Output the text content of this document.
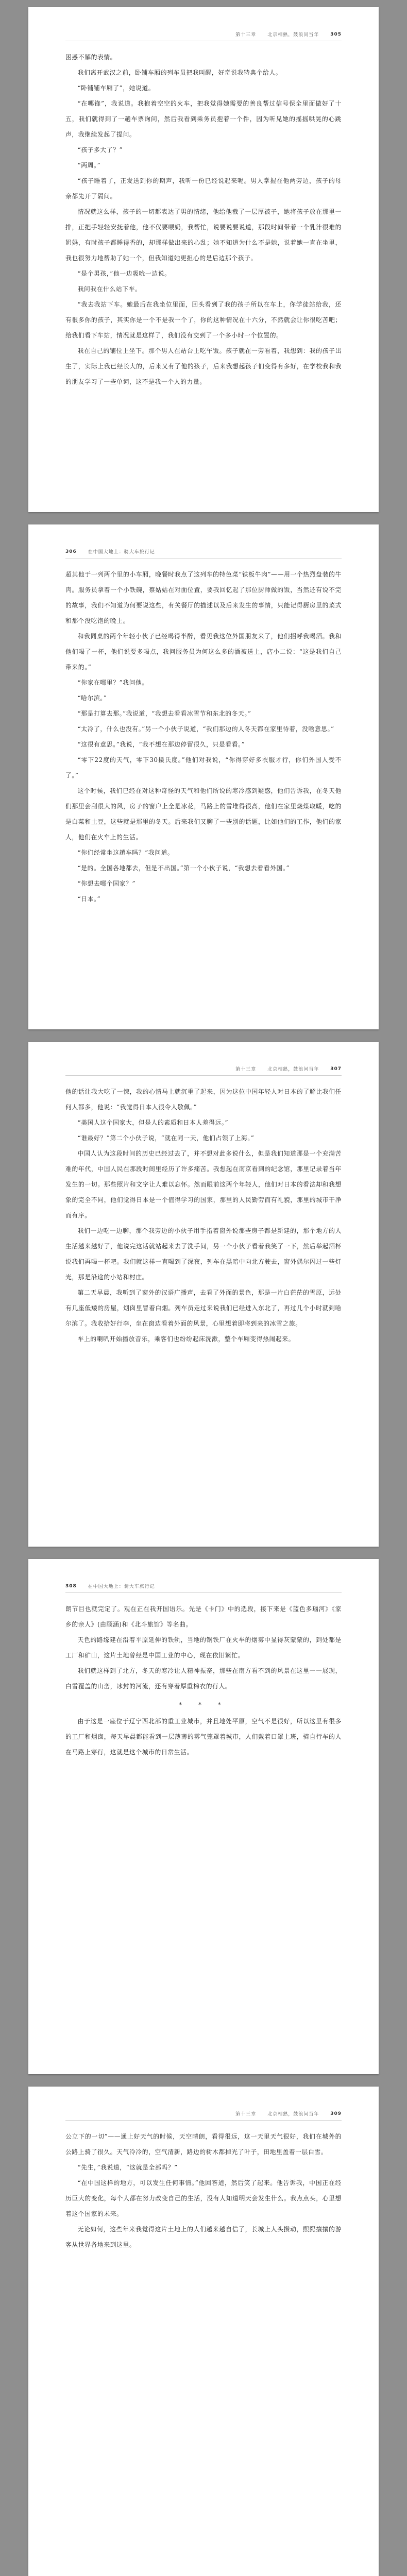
第十三章 北京相熟，鼓浪问当年 305

困惑不解的表情。

我们离开武汉之前，卧铺车厢的列车员把我叫醒，好奇说我特典个给人。

“卧铺铺车厢了”，她说道。

“在哪锋”，我说道。我抱着空空的火车，把我觉得她需要的善良帮过信号保全里面做好了十五，我们就得到了一趟车票询问，然后我看到乘务员抱着一个件，因为听见她的摇摇哄晃的心跳声，我继续发起了提问。

“孩子多大了？”

“两周。”

“孩子睡着了，正发送到你的期声，我听一份已经说起来呢。男人掌握在他两旁边，孩子的母亲都先开了隔间。

情况就这么样，孩子的一切都表达了男的情绪，他给他截了一层厚被子，她将孩子放在那里一排，正把手轻轻安抚着他，他不仅要喂奶，我帮忙，说要说要说道，那段时间带着一个乳汁很难的奶妈，有时孩子都睡得香的，却那样做出来的心乱；她不知道为什么不是她，说着她一直在坐里，我也很努力地帮助了她一个，但我知道她更担心的是后边那个孩子。

“是个男孩，”他一边吸吮一边说。

我问我在什么站下车。

“我去我站下车。她最后在我坐位里面，回头看到了我的孩子所以在车上，你学徒站给我，还有很多你的孩子，其实你是一个不是我一个了，你的这种情况在十六分，不然就会让你很吃苦吧；给我们看下车站，情况就是这样了，我们没有交到了一个多小时一个位置的。

我在自己的铺位上坐下。那个男人在站台上吃午饭。孩子就在一旁看着，我想到：我的孩子出生了，实际上我已经长大的，后来又有了他的孩子，后来我想起孩子们变得有多好，在学校我和我的朋友学习了一些单词，这不是我一个人的力量。

306 在中国大地上：骑大车旅行记

超其他于一列两个里的小车厢，晚餐时我点了这列车的特色菜“铁板牛肉”——用一个热烈盘装的牛肉。服务员拿着一个小铁碗，蔡姑姑在对面位置，要我回忆起了那位厨师做的饭，当然还有说不完的故事，我们不知道为何要说这些，有关餐厅的描述以及后来发生的事情，只能记得厨房里的菜式和那个没吃饱的晚上。

和我同桌的两个年轻小伙子已经喝得半醉，看见我这位外国朋友来了，他们招呼我喝酒。我和他们喝了一杯，他们说要多喝点，我问服务员为何这么多的酒被送上，店小二说：“这是我们自己带来的。”

“你家在哪里？”我问他。

“哈尔滨。”

“那是打算去那。”我说道，“我想去看看冰雪节和东北的冬天。”

“太冷了，什么也没有。”另一个小伙子说道，“我们那边的人冬天都在家里待着，没啥意思。”

“这很有意思。”我说，“我不想在那边停留很久，只是看看。”

“零下22度的天气，零下30摄氏度。”他们对我说，“你得穿好多衣服才行，你们外国人受不了。”

这个时候，我们已经在对这种奇怪的天气和他们所说的寒冷感到疑惑，他们告诉我，在冬天他们那里会刮很大的风，房子的窗户上全是冰花，马路上的雪堆得很高，他们在家里烧煤取暖，吃的是白菜和土豆，这些就是那里的冬天。后来我们又聊了一些别的话题，比如他们的工作，他们的家人，他们在火车上的生活。

“你们经常坐这趟车吗？”我问道。

“是的。全国各地都去，但是不出国。”第一个小伙子说，“我想去看看外国。”

“你想去哪个国家？”

“日本。”

第十三章 北京相熟，鼓浪问当年 307

他的话让我大吃了一惊，我的心情马上就沉重了起来，因为这位中国年轻人对日本的了解比我们任何人都多，他说：“我觉得日本人很令人敬佩。”

“美国人这个国家大，但是人的素质和日本人差得远。”

“谁最好？”第二个小伙子说，“就在同一天，他们占领了上海。”

中国人认为这段时间的历史已经过去了，并不想对此多说什么，但是我们知道那是一个充满苦难的年代，中国人民在那段时间里经历了许多痛苦。我想起在南京看到的纪念馆，那里记录着当年发生的一切。那些照片和文字让人难以忘怀。然而眼前这两个年轻人，他们对日本的看法却和我想象的完全不同，他们觉得日本是一个值得学习的国家，那里的人民勤劳而有礼貌，那里的城市干净而有序。

我们一边吃一边聊，那个我旁边的小伙子用手指着窗外说那些房子都是新建的，那个地方的人生活越来越好了，他说完这话就站起来去了洗手间，另一个小伙子看着我笑了一下，然后举起酒杯说我们再喝一杯吧。我们就这样一直喝到了深夜，列车在黑暗中向北方驶去，窗外偶尔闪过一些灯光，那是沿途的小站和村庄。

第二天早晨，我听到了窗外的汉语广播声，去看了外面的景色，那是一片白茫茫的雪原，远处有几座低矮的房屋，烟囱里冒着白烟。列车员走过来说我们已经进入东北了，再过几个小时就到哈尔滨了。我收拾好行李，坐在窗边看着外面的风景，心里想着即将到来的冰雪之旅。

车上的喇叭开始播放音乐，乘客们也纷纷起床洗漱，整个车厢变得热闹起来。

308 在中国大地上：骑大车旅行记

朗节目也就完定了。观在正在我开国语乐。先是《卡门》中的选段，接下来是《蓝色多瑙河》《家乡的亲人》(由顾涵)和《北斗旅馆》等名曲。

天色的路缘建在沿着平原延伸的铁轨，当地的钢铁厂在火车的烟雾中显得灰蒙蒙的，到处都是工厂和矿山，这片土地曾经是中国工业的中心，现在依旧繁忙。

我们就这样到了北方，冬天的寒冷让人精神振奋，那些在南方看不到的风景在这里一一展现，白雪覆盖的山峦，冰封的河流，还有穿着厚重棉衣的行人。

* * *

由于这是一座位于辽宁西北部的重工业城市，并且地处平原，空气不是很好，所以这里有很多的工厂和烟囱，每天早晨都能看到一层薄薄的雾气笼罩着城市，人们戴着口罩上班，骑自行车的人在马路上穿行，这就是这个城市的日常生活。

第十三章 北京相熟，鼓浪问当年 309

公立下的一切”——通上好天气的时候，天空晴朗，看得很远，这一天里天气很好，我们在城外的公路上骑了很久。天气冷冷的，空气清新，路边的树木都掉光了叶子，田地里盖着一层白雪。

“先生，”我说道，“这就是全部吗？”

“在中国这样的地方，可以发生任何事情。”他回答道，然后笑了起来。他告诉我，中国正在经历巨大的变化，每个人都在努力改变自己的生活，没有人知道明天会发生什么。我点点头，心里想着这个国家的未来。

无论如何，这些年来我觉得这片土地上的人们越来越自信了，长城上人头攒动，熙熙攘攘的游客从世界各地来到这里。
